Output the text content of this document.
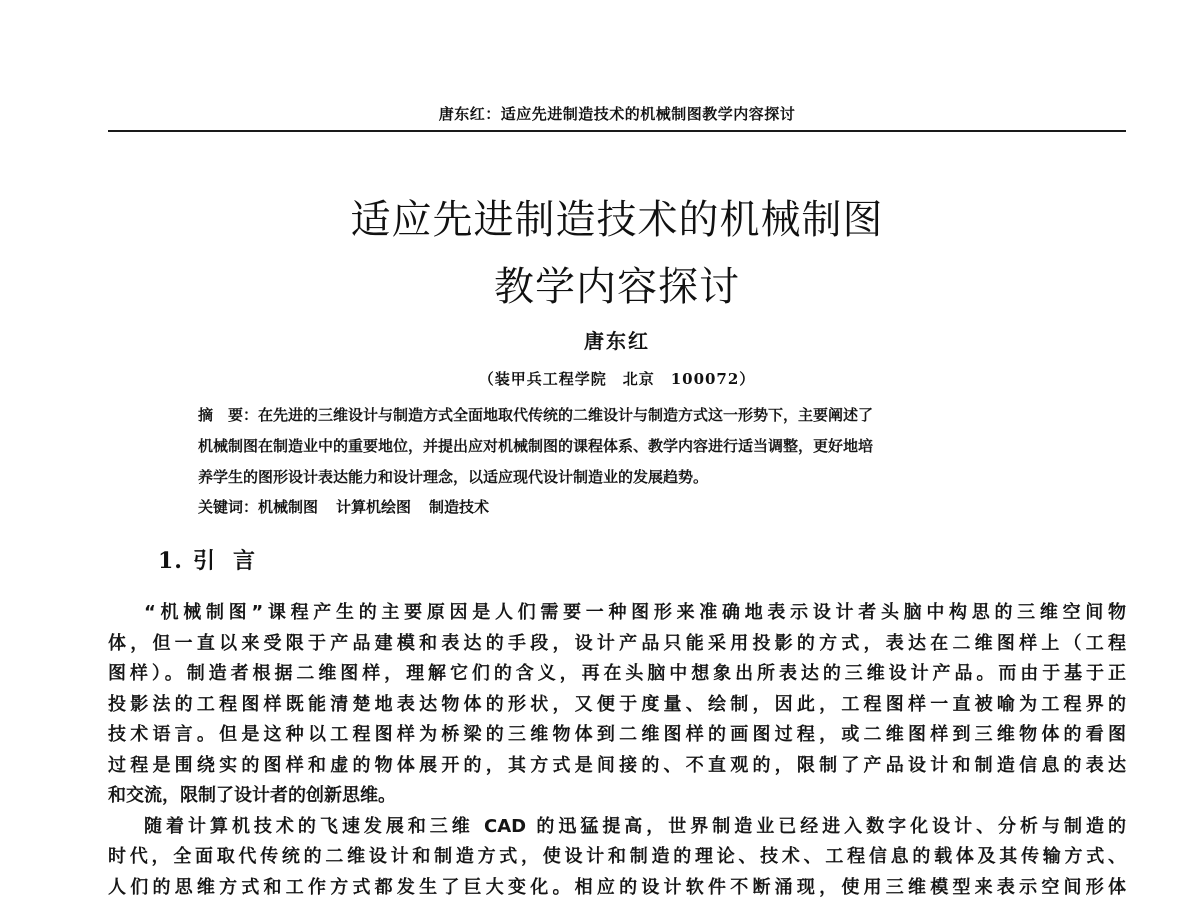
唐东红：适应先进制造技术的机械制图教学内容探讨
适应先进制造技术的机械制图
教学内容探讨
唐东红
（装甲兵工程学院　北京　100072）
摘　要：在先进的三维设计与制造方式全面地取代传统的二维设计与制造方式这一形势下，主要阐述了
机械制图在制造业中的重要地位，并提出应对机械制图的课程体系、教学内容进行适当调整，更好地培
养学生的图形设计表达能力和设计理念，以适应现代设计制造业的发展趋势。
关键词：机械制图 计算机绘图 制造技术
1. 引言
“机械制图”课程产生的主要原因是人们需要一种图形来准确地表示设计者头脑中构思的三维空间物
体，但一直以来受限于产品建模和表达的手段，设计产品只能采用投影的方式，表达在二维图样上（工程
图样）。制造者根据二维图样，理解它们的含义，再在头脑中想象出所表达的三维设计产品。而由于基于正
投影法的工程图样既能清楚地表达物体的形状，又便于度量、绘制，因此，工程图样一直被喻为工程界的
技术语言。但是这种以工程图样为桥梁的三维物体到二维图样的画图过程，或二维图样到三维物体的看图
过程是围绕实的图样和虚的物体展开的，其方式是间接的、不直观的，限制了产品设计和制造信息的表达
和交流，限制了设计者的创新思维。
随着计算机技术的飞速发展和三维 CAD 的迅猛提高，世界制造业已经进入数字化设计、分析与制造的
时代，全面取代传统的二维设计和制造方式，使设计和制造的理论、技术、工程信息的载体及其传输方式、
人们的思维方式和工作方式都发生了巨大变化。相应的设计软件不断涌现，使用三维模型来表示空间形体
